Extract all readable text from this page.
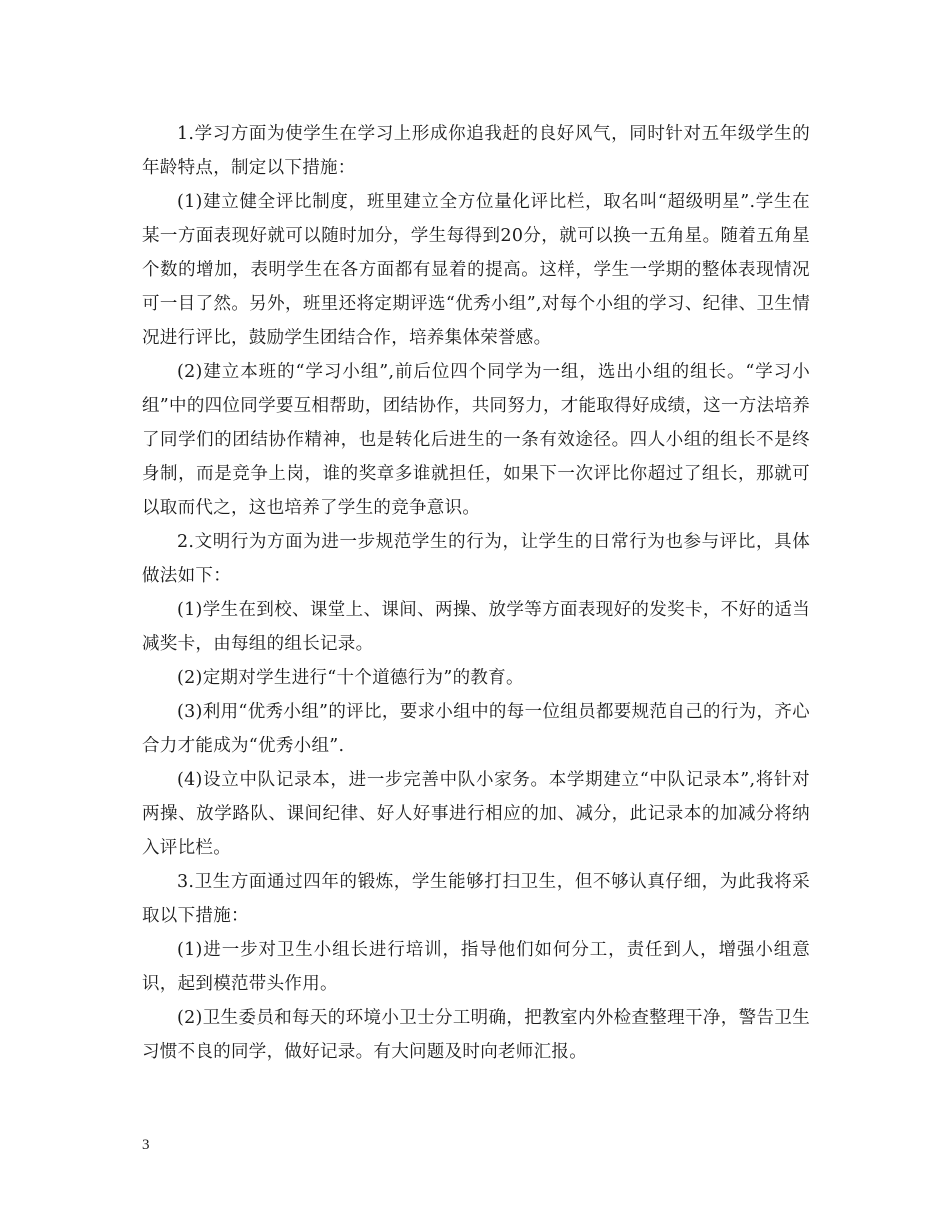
1.学习方面为使学生在学习上形成你追我赶的良好风气，同时针对五年级学生的年龄特点，制定以下措施：

(1)建立健全评比制度，班里建立全方位量化评比栏，取名叫“超级明星”.学生在某一方面表现好就可以随时加分，学生每得到20分，就可以换一五角星。随着五角星个数的增加，表明学生在各方面都有显着的提高。这样，学生一学期的整体表现情况可一目了然。另外，班里还将定期评选“优秀小组”,对每个小组的学习、纪律、卫生情况进行评比，鼓励学生团结合作，培养集体荣誉感。

(2)建立本班的“学习小组”,前后位四个同学为一组，选出小组的组长。“学习小组”中的四位同学要互相帮助，团结协作，共同努力，才能取得好成绩，这一方法培养了同学们的团结协作精神，也是转化后进生的一条有效途径。四人小组的组长不是终身制，而是竞争上岗，谁的奖章多谁就担任，如果下一次评比你超过了组长，那就可以取而代之，这也培养了学生的竞争意识。

2.文明行为方面为进一步规范学生的行为，让学生的日常行为也参与评比，具体做法如下：

(1)学生在到校、课堂上、课间、两操、放学等方面表现好的发奖卡，不好的适当减奖卡，由每组的组长记录。

(2)定期对学生进行“十个道德行为”的教育。

(3)利用“优秀小组”的评比，要求小组中的每一位组员都要规范自己的行为，齐心合力才能成为“优秀小组”.

(4)设立中队记录本，进一步完善中队小家务。本学期建立“中队记录本”,将针对两操、放学路队、课间纪律、好人好事进行相应的加、减分，此记录本的加减分将纳入评比栏。

3.卫生方面通过四年的锻炼，学生能够打扫卫生，但不够认真仔细，为此我将采取以下措施：

(1)进一步对卫生小组长进行培训，指导他们如何分工，责任到人，增强小组意识，起到模范带头作用。

(2)卫生委员和每天的环境小卫士分工明确，把教室内外检查整理干净，警告卫生习惯不良的同学，做好记录。有大问题及时向老师汇报。

3
